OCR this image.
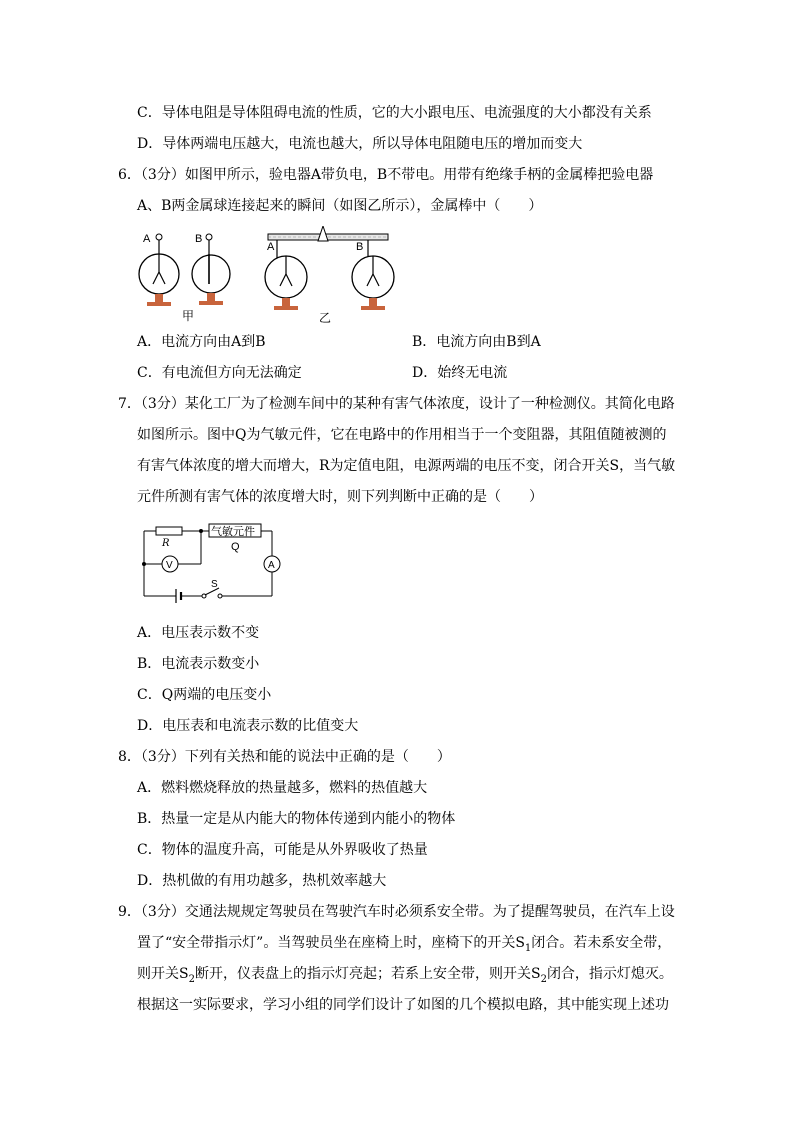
C．导体电阻是导体阻碍电流的性质，它的大小跟电压、电流强度的大小都没有关系
D．导体两端电压越大，电流也越大，所以导体电阻随电压的增加而变大
6．（3分）如图甲所示，验电器A带负电，B不带电。用带有绝缘手柄的金属棒把验电器
A、B两金属球连接起来的瞬间（如图乙所示），金属棒中（　　）
A	B
甲
A	B
乙
A．电流方向由A到B	B．电流方向由B到A
C．有电流但方向无法确定	D．始终无电流
7．（3分）某化工厂为了检测车间中的某种有害气体浓度，设计了一种检测仪。其简化电路
如图所示。图中Q为气敏元件，它在电路中的作用相当于一个变阻器，其阻值随被测的
有害气体浓度的增大而增大，R为定值电阻，电源两端的电压不变，闭合开关S，当气敏
元件所测有害气体的浓度增大时，则下列判断中正确的是（　　）
气敏元件
R	Q
V	A
S
A．电压表示数不变
B．电流表示数变小
C．Q两端的电压变小
D．电压表和电流表示数的比值变大
8．（3分）下列有关热和能的说法中正确的是（　　）
A．燃料燃烧释放的热量越多，燃料的热值越大
B．热量一定是从内能大的物体传递到内能小的物体
C．物体的温度升高，可能是从外界吸收了热量
D．热机做的有用功越多，热机效率越大
9．（3分）交通法规规定驾驶员在驾驶汽车时必须系安全带。为了提醒驾驶员，在汽车上设
置了“安全带指示灯”。当驾驶员坐在座椅上时，座椅下的开关$S_1$闭合。若未系安全带，
则开关$S_2$断开，仪表盘上的指示灯亮起；若系上安全带，则开关$S_2$闭合，指示灯熄灭。
根据这一实际要求，学习小组的同学们设计了如图的几个模拟电路，其中能实现上述功
